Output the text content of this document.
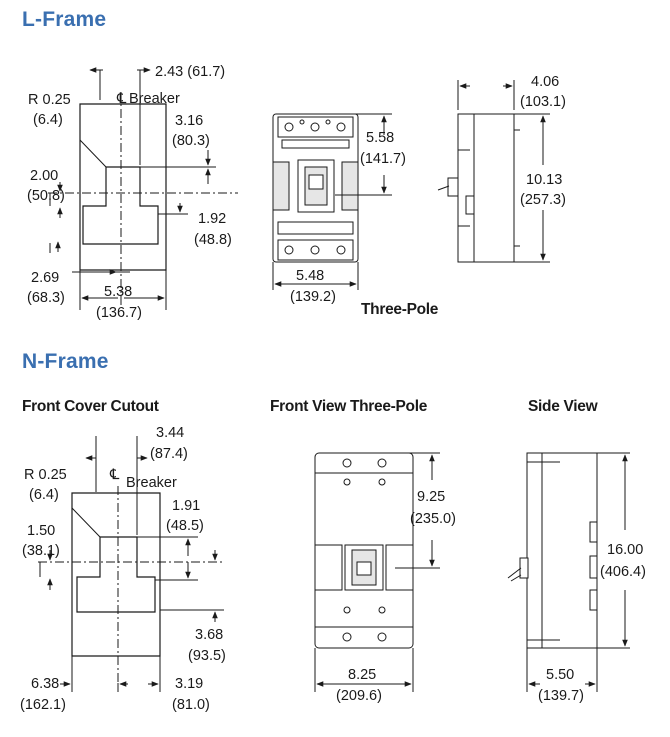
L-Frame
N-Frame
Front Cover Cutout	Front View Three-Pole	Side View
2.43 (61.7)
℄ Breaker
R 0.25
(6.4)	3.16
(80.3)
2.00
(50.8)
1.92
(48.8)
2.69
(68.3)	5.38
(136.7)
5.58
(141.7)
5.48
(139.2)
Three-Pole
4.06
(103.1)
10.13
(257.3)
3.44
(87.4)
℄ Breaker
R 0.25
(6.4)
1.91
(48.5)
1.50
(38.1)
3.68
(93.5)
6.38
(162.1)
3.19
(81.0)
9.25
(235.0)
8.25
(209.6)
16.00
(406.4)
5.50
(139.7)
